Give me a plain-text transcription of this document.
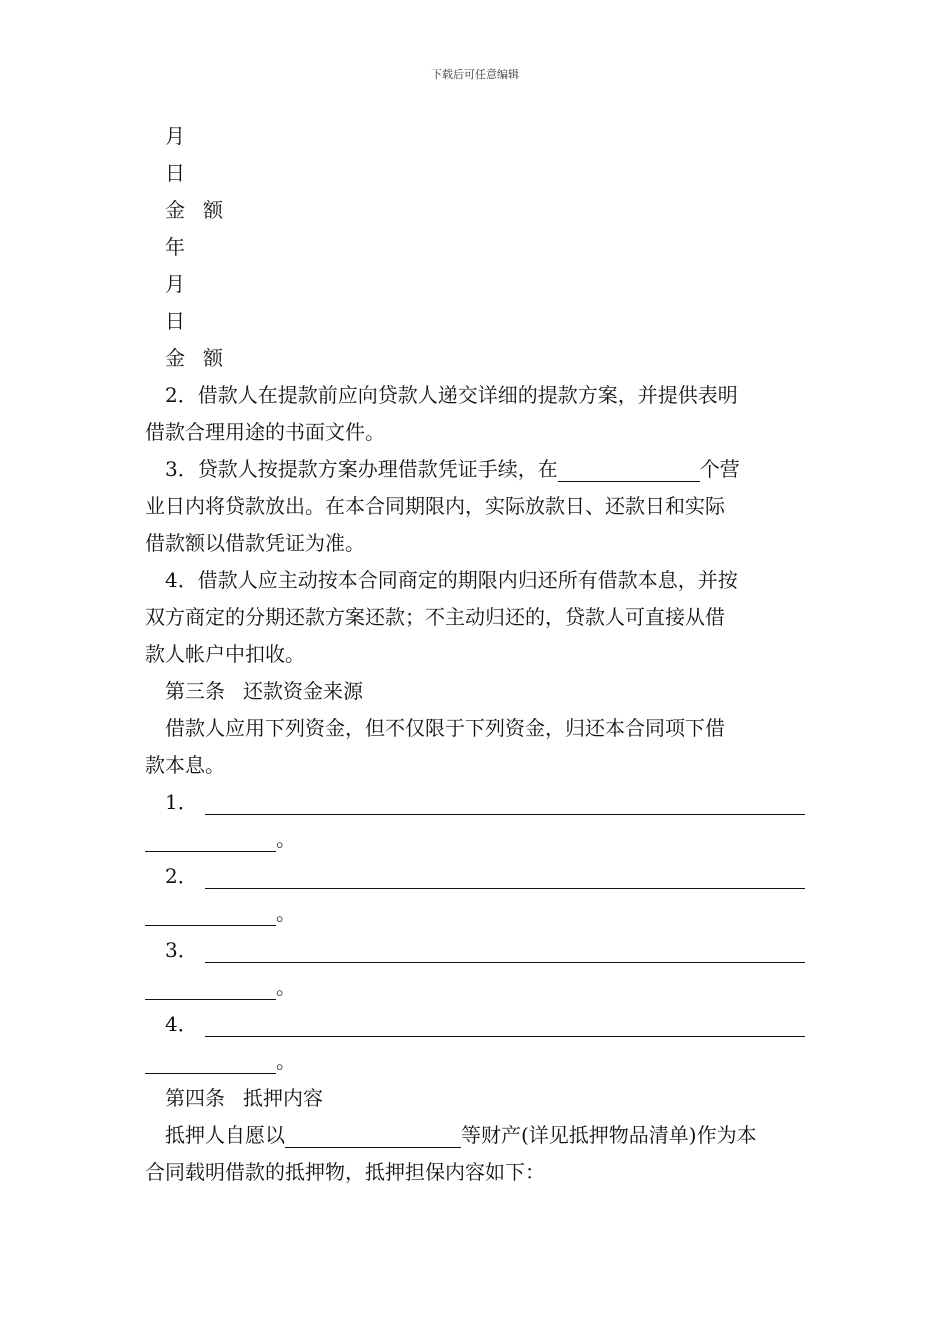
下载后可任意编辑
月
日
金 额
年
月
日
金 额
2．借款人在提款前应向贷款人递交详细的提款方案，并提供表明
借款合理用途的书面文件。
3．贷款人按提款方案办理借款凭证手续，在	个营
业日内将贷款放出。在本合同期限内，实际放款日、还款日和实际
借款额以借款凭证为准。
4．借款人应主动按本合同商定的期限内归还所有借款本息，并按
双方商定的分期还款方案还款；不主动归还的，贷款人可直接从借
款人帐户中扣收。
第三条 还款资金来源
借款人应用下列资金，但不仅限于下列资金，归还本合同项下借
款本息。
1．
。
2．
。
3．
。
4．
。
第四条 抵押内容
抵押人自愿以	等财产(详见抵押物品清单)作为本
合同载明借款的抵押物，抵押担保内容如下：
